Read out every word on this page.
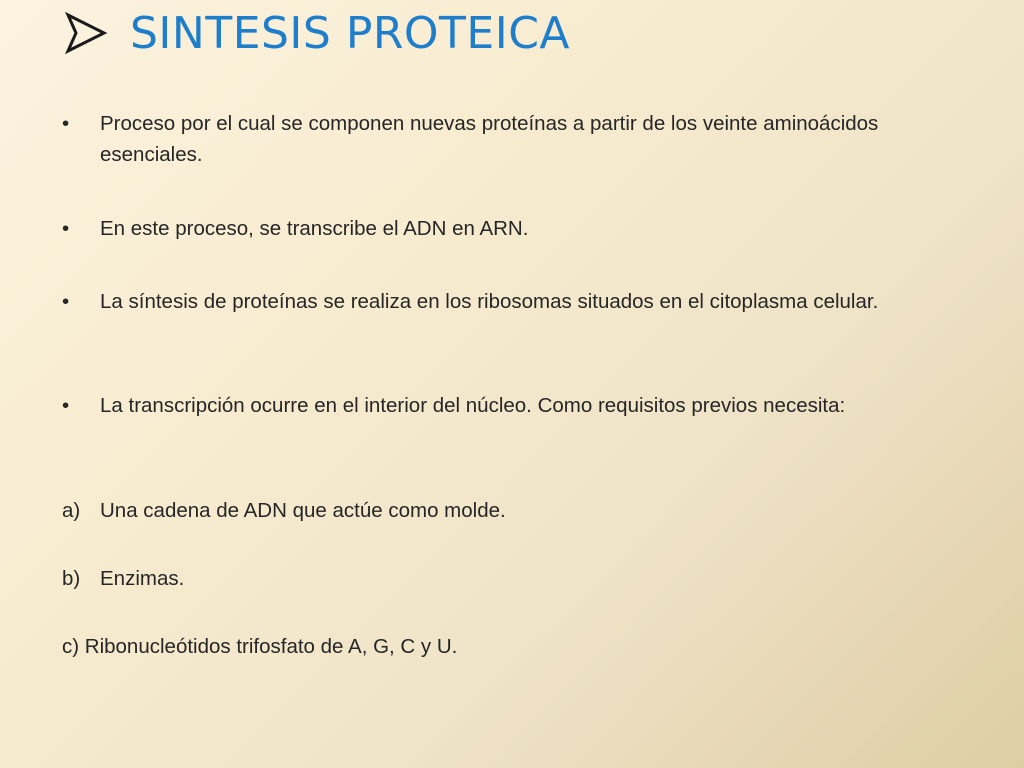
SINTESIS PROTEICA
• Proceso por el cual se componen nuevas proteínas a partir de los veinte aminoácidos esenciales.
• En este proceso, se transcribe el ADN en ARN.
• La síntesis de proteínas se realiza en los ribosomas situados en el citoplasma celular.
• La transcripción ocurre en el interior del núcleo. Como requisitos previos necesita:
a) Una cadena de ADN que actúe como molde.
b) Enzimas.
c) Ribonucleótidos trifosfato de A, G, C y U.
